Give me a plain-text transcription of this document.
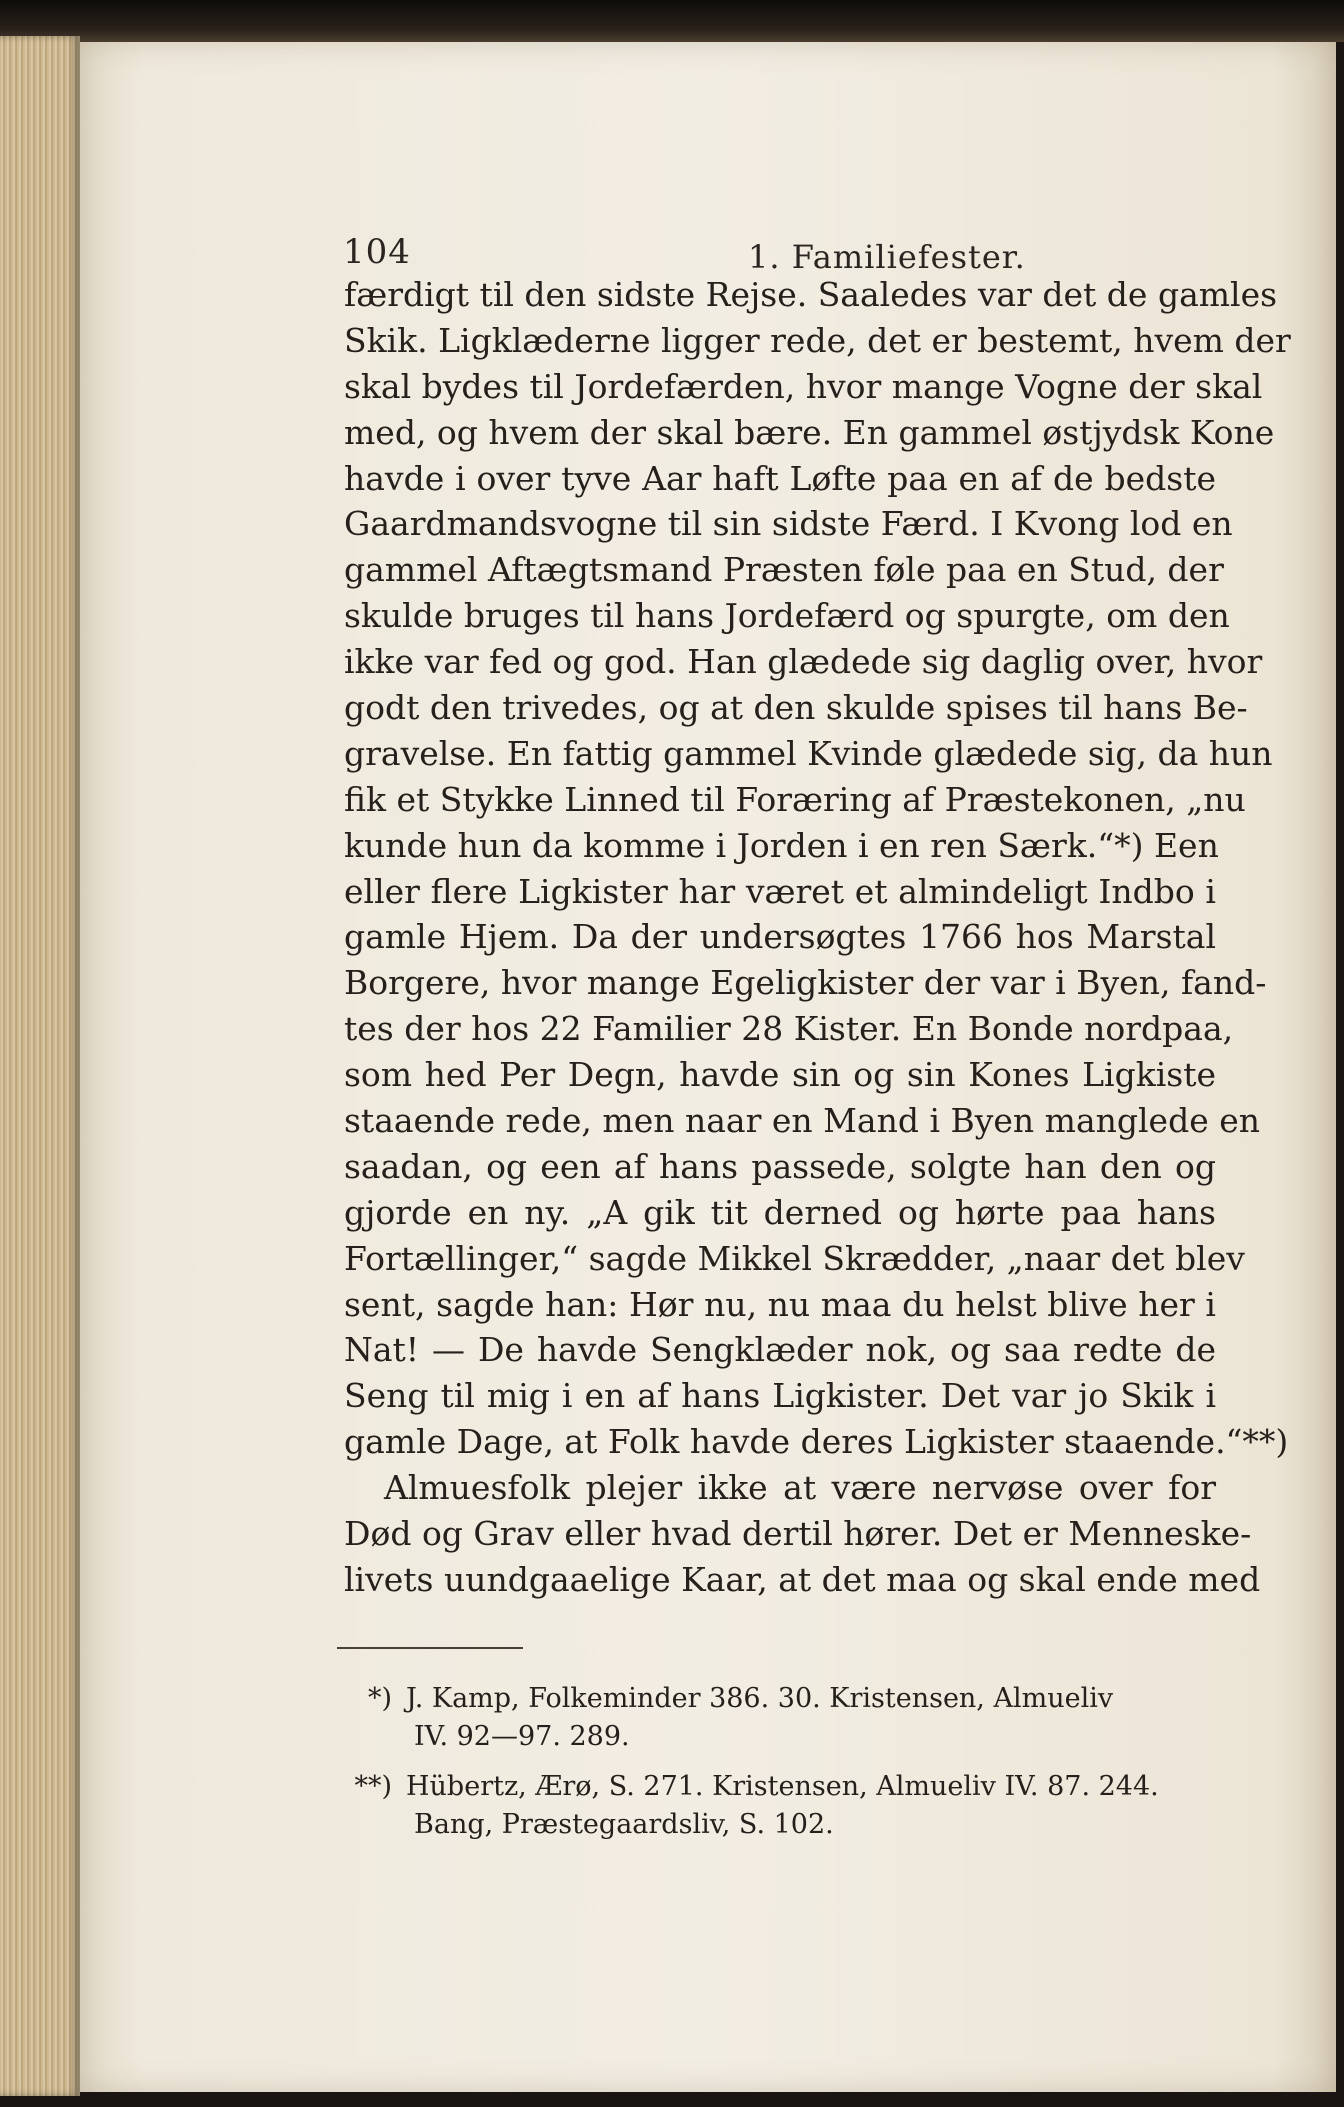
104	1. Familiefester.
færdigt til den sidste Rejse. Saaledes var det de gamles
Skik. Ligklæderne ligger rede, det er bestemt, hvem der
skal bydes til Jordefærden, hvor mange Vogne der skal
med, og hvem der skal bære. En gammel østjydsk Kone
havde i over tyve Aar haft Løfte paa en af de bedste
Gaardmandsvogne til sin sidste Færd. I Kvong lod en
gammel Aftægtsmand Præsten føle paa en Stud, der
skulde bruges til hans Jordefærd og spurgte, om den
ikke var fed og god. Han glædede sig daglig over, hvor
godt den trivedes, og at den skulde spises til hans Be-
gravelse. En fattig gammel Kvinde glædede sig, da hun
fik et Stykke Linned til Foræring af Præstekonen, „nu
kunde hun da komme i Jorden i en ren Særk.“*) Een
eller flere Ligkister har været et almindeligt Indbo i
gamle Hjem. Da der undersøgtes 1766 hos Marstal
Borgere, hvor mange Egeligkister der var i Byen, fand-
tes der hos 22 Familier 28 Kister. En Bonde nordpaa,
som hed Per Degn, havde sin og sin Kones Ligkiste
staaende rede, men naar en Mand i Byen manglede en
saadan, og een af hans passede, solgte han den og
gjorde en ny. „A gik tit derned og hørte paa hans
Fortællinger,“ sagde Mikkel Skrædder, „naar det blev
sent, sagde han: Hør nu, nu maa du helst blive her i
Nat! — De havde Sengklæder nok, og saa redte de
Seng til mig i en af hans Ligkister. Det var jo Skik i
gamle Dage, at Folk havde deres Ligkister staaende.“**)
Almuesfolk plejer ikke at være nervøse over for
Død og Grav eller hvad dertil hører. Det er Menneske-
livets uundgaaelige Kaar, at det maa og skal ende med
*) J. Kamp, Folkeminder 386. 30. Kristensen, Almueliv
IV. 92—97. 289.
**) Hübertz, Ærø, S. 271. Kristensen, Almueliv IV. 87. 244.
Bang, Præstegaardsliv, S. 102.
